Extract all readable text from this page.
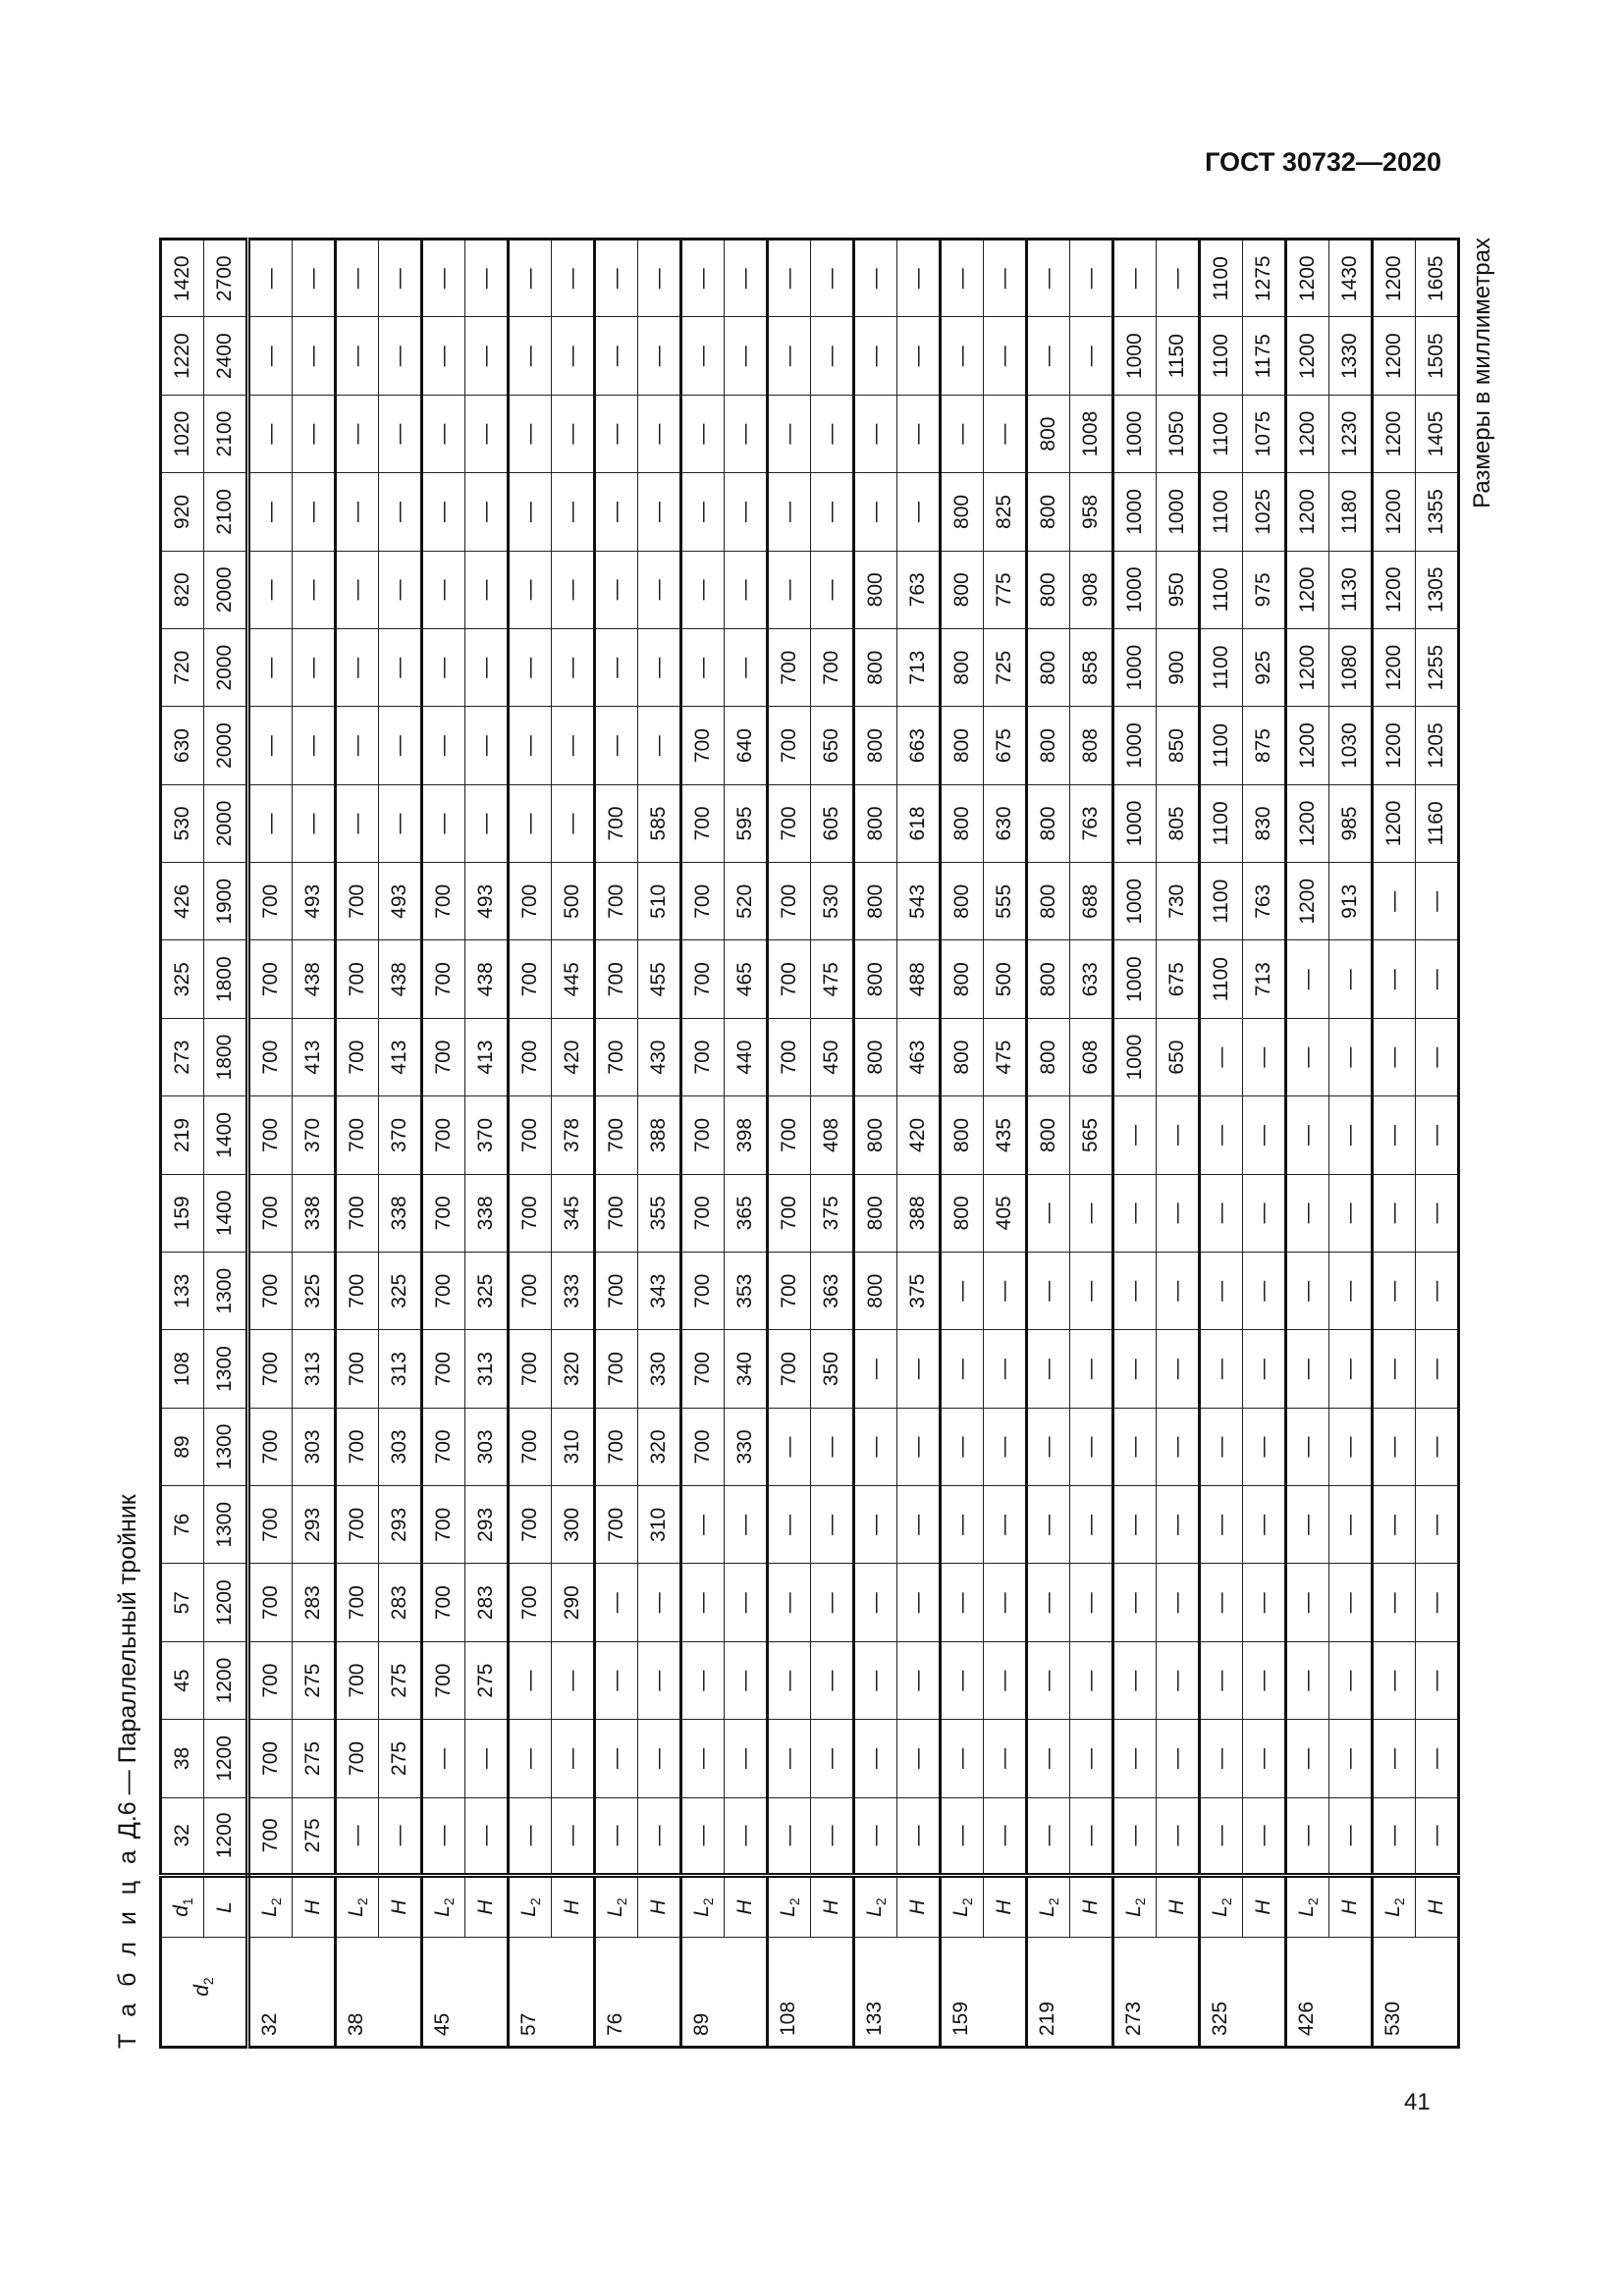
ГОСТ 30732—2020
Т а б л и ц а Д.6 — Параллельный тройник
$d_2$	$d_1$	32	38	45	57	76	89	108	133	159	219	273	325	426	530	630	720	820	920	1020	1220	1420
	L	1200	1200	1200	1200	1300	1300	1300	1300	1400	1400	1800	1800	1900	2000	2000	2000	2000	2100	2100	2400	2700
32	$L_2$	700	700	700	700	700	700	700	700	700	700	700	700	700	—	—	—	—	—	—	—	—
	H	275	275	275	283	293	303	313	325	338	370	413	438	493	—	—	—	—	—	—	—	—
38	$L_2$	—	700	700	700	700	700	700	700	700	700	700	700	700	—	—	—	—	—	—	—	—
	H	—	275	275	283	293	303	313	325	338	370	413	438	493	—	—	—	—	—	—	—	—
45	$L_2$	—	—	700	700	700	700	700	700	700	700	700	700	700	—	—	—	—	—	—	—	—
	H	—	—	275	283	293	303	313	325	338	370	413	438	493	—	—	—	—	—	—	—	—
57	$L_2$	—	—	—	700	700	700	700	700	700	700	700	700	700	—	—	—	—	—	—	—	—
	H	—	—	—	290	300	310	320	333	345	378	420	445	500	—	—	—	—	—	—	—	—
76	$L_2$	—	—	—	—	700	700	700	700	700	700	700	700	700	700	—	—	—	—	—	—	—
	H	—	—	—	—	310	320	330	343	355	388	430	455	510	585	—	—	—	—	—	—	—
89	$L_2$	—	—	—	—	—	700	700	700	700	700	700	700	700	700	700	—	—	—	—	—	—
	H	—	—	—	—	—	330	340	353	365	398	440	465	520	595	640	—	—	—	—	—	—
108	$L_2$	—	—	—	—	—	—	700	700	700	700	700	700	700	700	700	700	—	—	—	—	—
	H	—	—	—	—	—	—	350	363	375	408	450	475	530	605	650	700	—	—	—	—	—
133	$L_2$	—	—	—	—	—	—	—	800	800	800	800	800	800	800	800	800	800	—	—	—	—
	H	—	—	—	—	—	—	—	375	388	420	463	488	543	618	663	713	763	—	—	—	—
159	$L_2$	—	—	—	—	—	—	—	—	800	800	800	800	800	800	800	800	800	800	—	—	—
	H	—	—	—	—	—	—	—	—	405	435	475	500	555	630	675	725	775	825	—	—	—
219	$L_2$	—	—	—	—	—	—	—	—	—	800	800	800	800	800	800	800	800	800	800	—	—
	H	—	—	—	—	—	—	—	—	—	565	608	633	688	763	808	858	908	958	1008	—	—
273	$L_2$	—	—	—	—	—	—	—	—	—	—	1000	1000	1000	1000	1000	1000	1000	1000	1000	1000	—
	H	—	—	—	—	—	—	—	—	—	—	650	675	730	805	850	900	950	1000	1050	1150	—
325	$L_2$	—	—	—	—	—	—	—	—	—	—	—	1100	1100	1100	1100	1100	1100	1100	1100	1100	1100
	H	—	—	—	—	—	—	—	—	—	—	—	713	763	830	875	925	975	1025	1075	1175	1275
426	$L_2$	—	—	—	—	—	—	—	—	—	—	—	—	1200	1200	1200	1200	1200	1200	1200	1200	1200
	H	—	—	—	—	—	—	—	—	—	—	—	—	913	985	1030	1080	1130	1180	1230	1330	1430
530	$L_2$	—	—	—	—	—	—	—	—	—	—	—	—	—	1200	1200	1200	1200	1200	1200	1200	1200
	H	—	—	—	—	—	—	—	—	—	—	—	—	—	1160	1205	1255	1305	1355	1405	1505	1605 Размеры в миллиметрах
41
